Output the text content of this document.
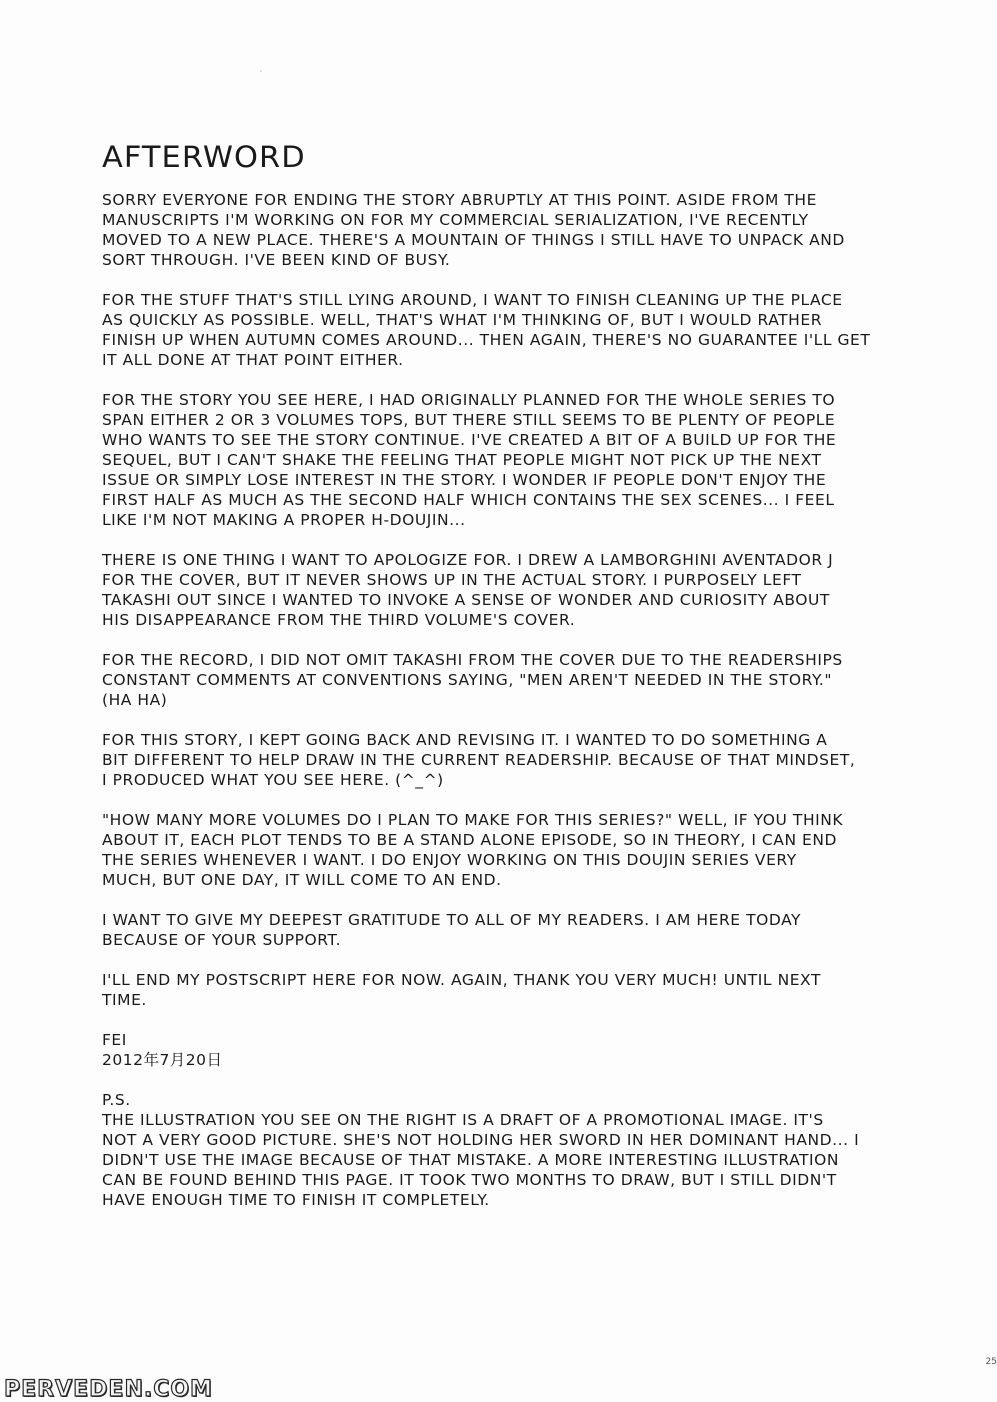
AFTERWORD

SORRY EVERYONE FOR ENDING THE STORY ABRUPTLY AT THIS POINT. ASIDE FROM THE
MANUSCRIPTS I'M WORKING ON FOR MY COMMERCIAL SERIALIZATION, I'VE RECENTLY
MOVED TO A NEW PLACE. THERE'S A MOUNTAIN OF THINGS I STILL HAVE TO UNPACK AND
SORT THROUGH. I'VE BEEN KIND OF BUSY.

FOR THE STUFF THAT'S STILL LYING AROUND, I WANT TO FINISH CLEANING UP THE PLACE
AS QUICKLY AS POSSIBLE. WELL, THAT'S WHAT I'M THINKING OF, BUT I WOULD RATHER
FINISH UP WHEN AUTUMN COMES AROUND... THEN AGAIN, THERE'S NO GUARANTEE I'LL GET
IT ALL DONE AT THAT POINT EITHER.

FOR THE STORY YOU SEE HERE, I HAD ORIGINALLY PLANNED FOR THE WHOLE SERIES TO
SPAN EITHER 2 OR 3 VOLUMES TOPS, BUT THERE STILL SEEMS TO BE PLENTY OF PEOPLE
WHO WANTS TO SEE THE STORY CONTINUE. I'VE CREATED A BIT OF A BUILD UP FOR THE
SEQUEL, BUT I CAN'T SHAKE THE FEELING THAT PEOPLE MIGHT NOT PICK UP THE NEXT
ISSUE OR SIMPLY LOSE INTEREST IN THE STORY. I WONDER IF PEOPLE DON'T ENJOY THE
FIRST HALF AS MUCH AS THE SECOND HALF WHICH CONTAINS THE SEX SCENES... I FEEL
LIKE I'M NOT MAKING A PROPER H-DOUJIN...

THERE IS ONE THING I WANT TO APOLOGIZE FOR. I DREW A LAMBORGHINI AVENTADOR J
FOR THE COVER, BUT IT NEVER SHOWS UP IN THE ACTUAL STORY. I PURPOSELY LEFT
TAKASHI OUT SINCE I WANTED TO INVOKE A SENSE OF WONDER AND CURIOSITY ABOUT
HIS DISAPPEARANCE FROM THE THIRD VOLUME'S COVER.

FOR THE RECORD, I DID NOT OMIT TAKASHI FROM THE COVER DUE TO THE READERSHIPS
CONSTANT COMMENTS AT CONVENTIONS SAYING, "MEN AREN'T NEEDED IN THE STORY."
(HA HA)

FOR THIS STORY, I KEPT GOING BACK AND REVISING IT. I WANTED TO DO SOMETHING A
BIT DIFFERENT TO HELP DRAW IN THE CURRENT READERSHIP. BECAUSE OF THAT MINDSET,
I PRODUCED WHAT YOU SEE HERE. (^_^)

"HOW MANY MORE VOLUMES DO I PLAN TO MAKE FOR THIS SERIES?" WELL, IF YOU THINK
ABOUT IT, EACH PLOT TENDS TO BE A STAND ALONE EPISODE, SO IN THEORY, I CAN END
THE SERIES WHENEVER I WANT. I DO ENJOY WORKING ON THIS DOUJIN SERIES VERY
MUCH, BUT ONE DAY, IT WILL COME TO AN END.

I WANT TO GIVE MY DEEPEST GRATITUDE TO ALL OF MY READERS. I AM HERE TODAY
BECAUSE OF YOUR SUPPORT.

I'LL END MY POSTSCRIPT HERE FOR NOW. AGAIN, THANK YOU VERY MUCH! UNTIL NEXT
TIME.

FEI
2012年7月20日
P.S.
THE ILLUSTRATION YOU SEE ON THE RIGHT IS A DRAFT OF A PROMOTIONAL IMAGE. IT'S
NOT A VERY GOOD PICTURE. SHE'S NOT HOLDING HER SWORD IN HER DOMINANT HAND... I
DIDN'T USE THE IMAGE BECAUSE OF THAT MISTAKE. A MORE INTERESTING ILLUSTRATION
CAN BE FOUND BEHIND THIS PAGE. IT TOOK TWO MONTHS TO DRAW, BUT I STILL DIDN'T
HAVE ENOUGH TIME TO FINISH IT COMPLETELY.
25
PERVEDEN.COM
